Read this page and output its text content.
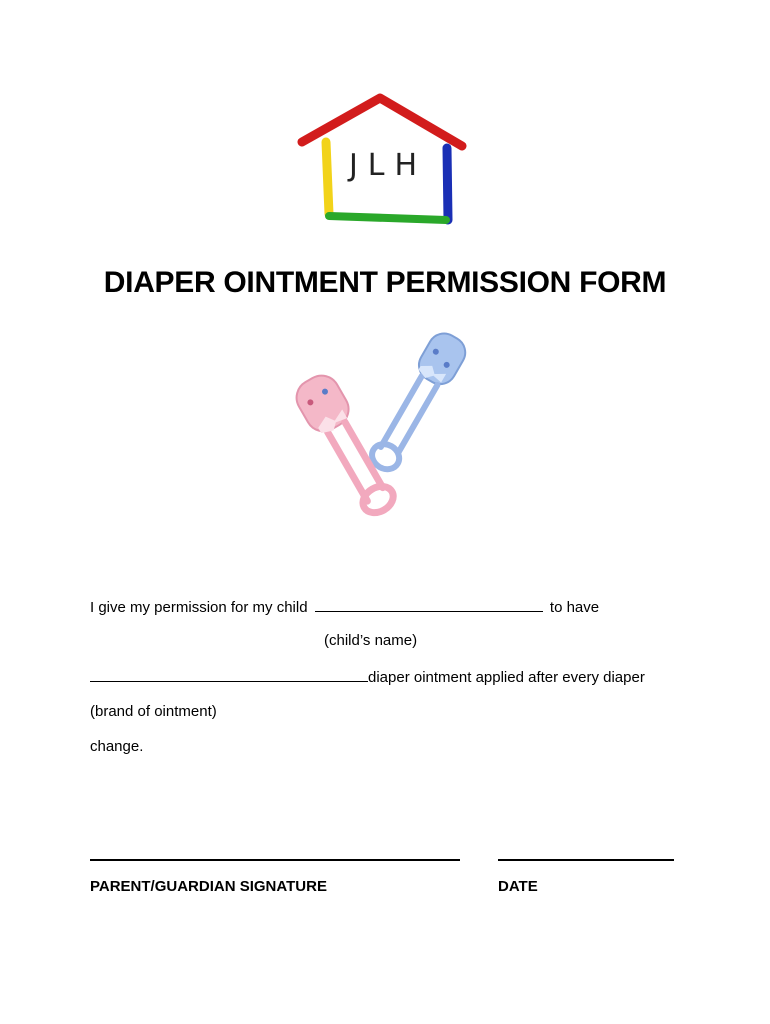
JLH
DIAPER OINTMENT PERMISSION FORM
I give my permission for my child	to have
(child’s name)
diaper ointment applied after every diaper
(brand of ointment)
change.
PARENT/GUARDIAN SIGNATURE	DATE
